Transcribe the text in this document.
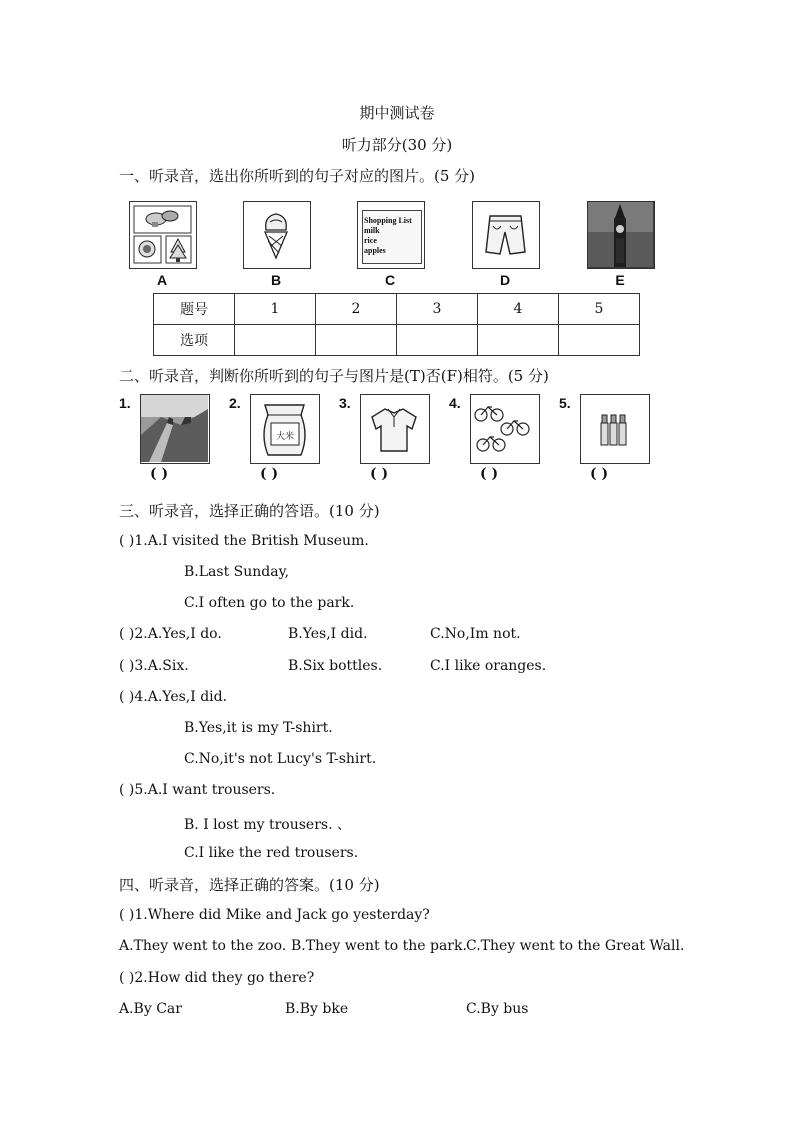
期中测试卷
听力部分(30 分)
一、听录音，选出你所听到的句子对应的图片。(5 分)
A	B
Shopping List
milk
rice
apples
C	D	E
题号	1	2	3	4	5
选项					
二、听录音，判断你所听到的句子与图片是(T)否(F)相符。(5 分)
1.
( )
2.
大米
( )
3.
( )
4.
( )
5.
( )
三、听录音，选择正确的答语。(10 分)
( )1.A.I visited the British Museum.
B.Last Sunday,
C.I often go to the park.
( )2.A.Yes,I do.	B.Yes,I did.	C.No,Im not.
( )3.A.Six.	B.Six bottles.	C.I like oranges.
( )4.A.Yes,I did.
B.Yes,it is my T-shirt.
C.No,it's not Lucy's T-shirt.
( )5.A.I want trousers.
B. I lost my trousers. 、
C.I like the red trousers.
四、听录音，选择正确的答案。(10 分)
( )1.Where did Mike and Jack go yesterday?
A.They went to the zoo. B.They went to the park. C.They went to the Great Wall.
( )2.How did they go there?
A.By Car	B.By bke	C.By bus
